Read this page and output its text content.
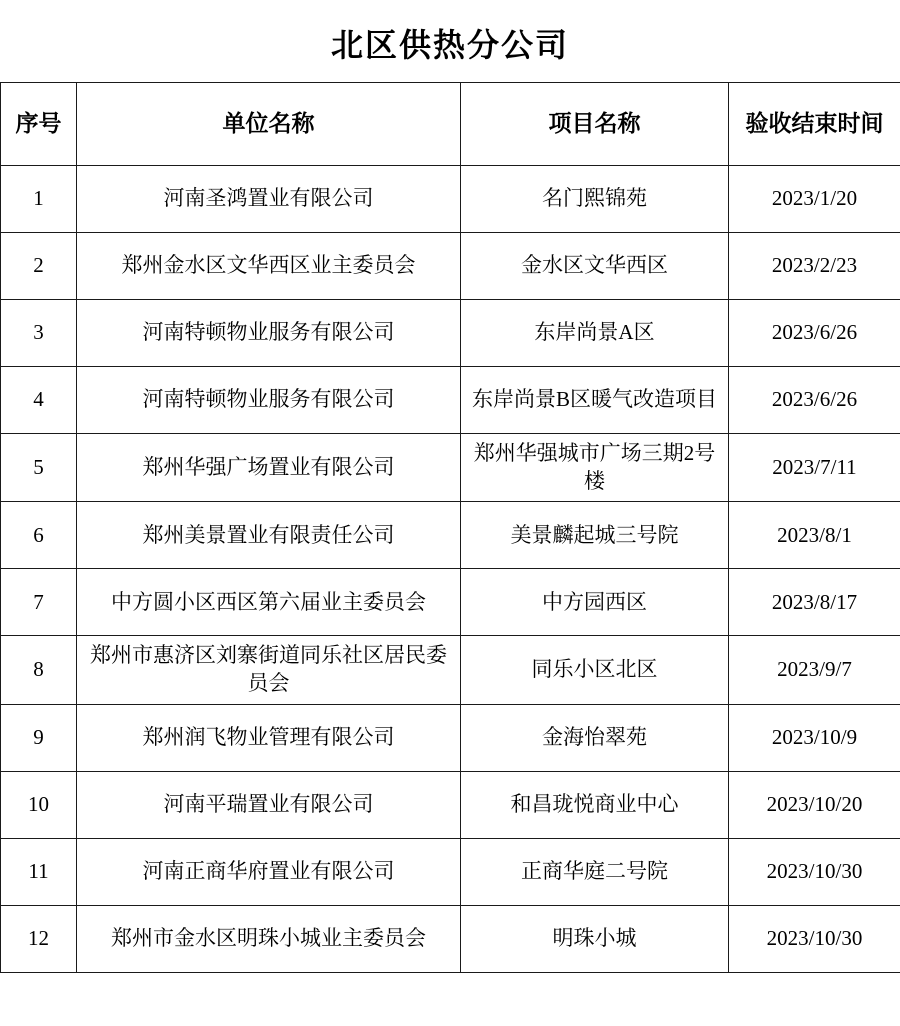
北区供热分公司
序号	单位名称	项目名称	验收结束时间
1	河南圣鸿置业有限公司	名门熙锦苑	2023/1/20
2	郑州金水区文华西区业主委员会	金水区文华西区	2023/2/23
3	河南特顿物业服务有限公司	东岸尚景A区	2023/6/26
4	河南特顿物业服务有限公司	东岸尚景B区暖气改造项目	2023/6/26
5	郑州华强广场置业有限公司	郑州华强城市广场三期2号楼	2023/7/11
6	郑州美景置业有限责任公司	美景麟起城三号院	2023/8/1
7	中方圆小区西区第六届业主委员会	中方园西区	2023/8/17
8	郑州市惠济区刘寨街道同乐社区居民委员会	同乐小区北区	2023/9/7
9	郑州润飞物业管理有限公司	金海怡翠苑	2023/10/9
10	河南平瑞置业有限公司	和昌珑悦商业中心	2023/10/20
11	河南正商华府置业有限公司	正商华庭二号院	2023/10/30
12	郑州市金水区明珠小城业主委员会	明珠小城	2023/10/30
